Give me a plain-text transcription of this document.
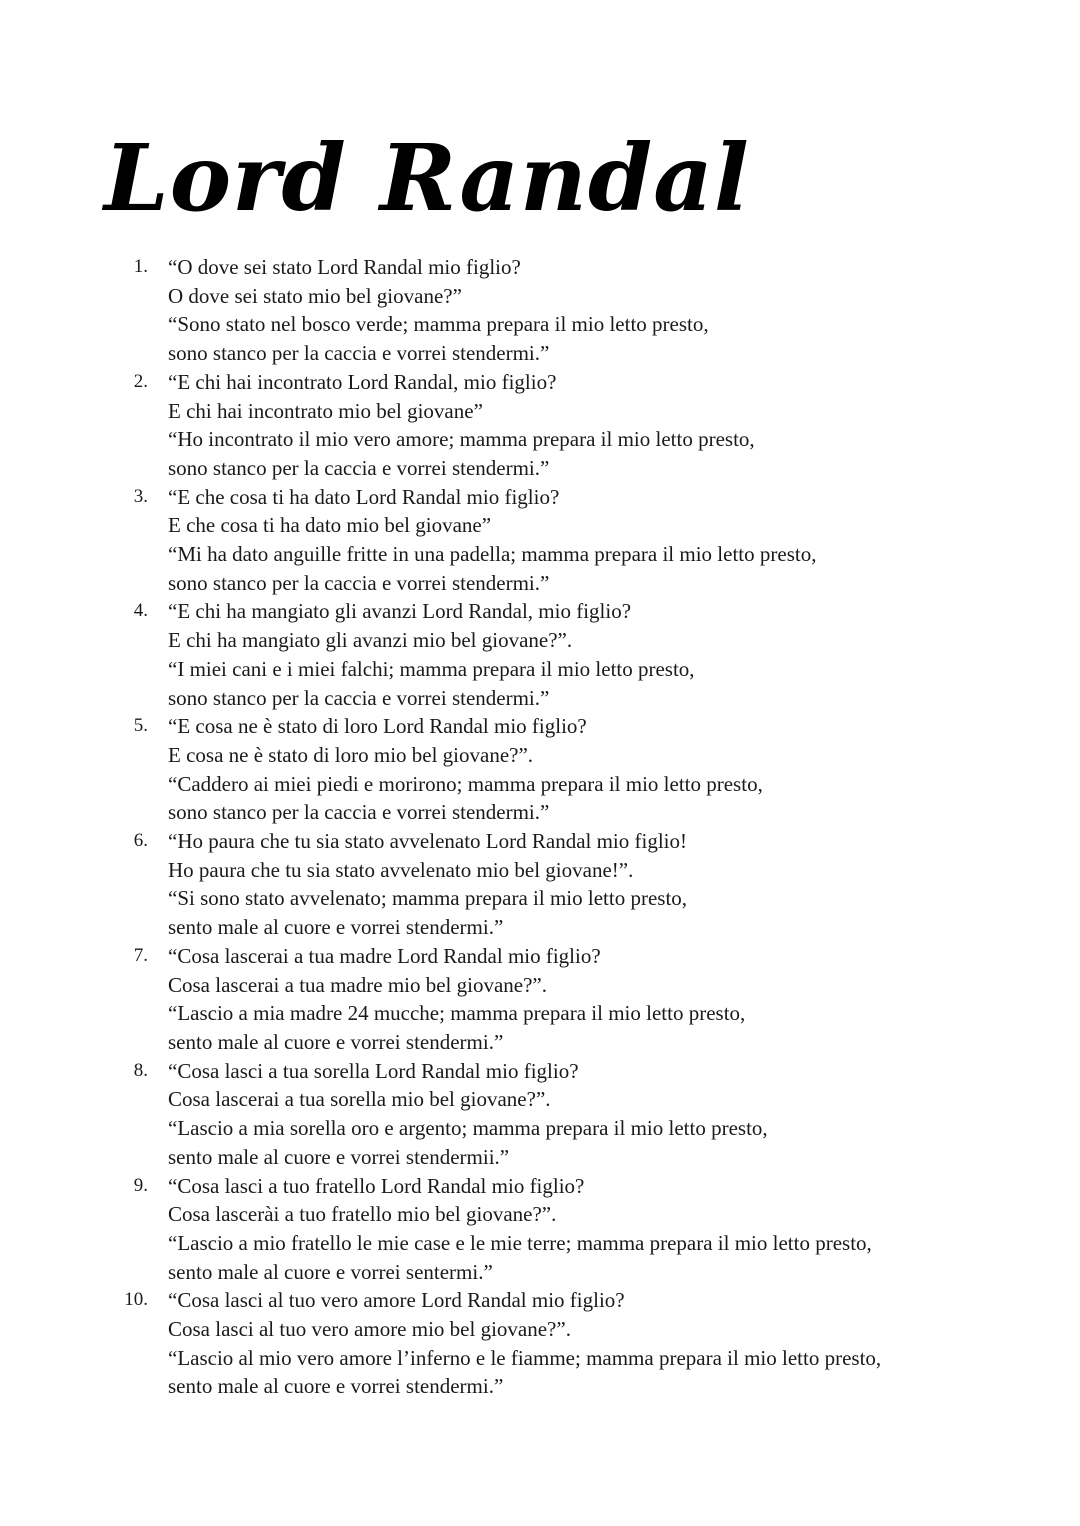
Lord Randal
1. “O dove sei stato Lord Randal mio figlio?
O dove sei stato mio bel giovane?”
“Sono stato nel bosco verde; mamma prepara il mio letto presto,
sono stanco per la caccia e vorrei stendermi.”
2. “E chi hai incontrato Lord Randal, mio figlio?
E chi hai incontrato mio bel giovane”
“Ho incontrato il mio vero amore; mamma prepara il mio letto presto,
sono stanco per la caccia e vorrei stendermi.”
3. “E che cosa ti ha dato Lord Randal mio figlio?
E che cosa ti ha dato mio bel giovane”
“Mi ha dato anguille fritte in una padella; mamma prepara il mio letto presto,
sono stanco per la caccia e vorrei stendermi.”
4. “E chi ha mangiato gli avanzi Lord Randal, mio figlio?
E chi ha mangiato gli avanzi mio bel giovane?”.
“I miei cani e i miei falchi; mamma prepara il mio letto presto,
sono stanco per la caccia e vorrei stendermi.”
5. “E cosa ne è stato di loro Lord Randal mio figlio?
E cosa ne è stato di loro mio bel giovane?”.
“Caddero ai miei piedi e morirono; mamma prepara il mio letto presto,
sono stanco per la caccia e vorrei stendermi.”
6. “Ho paura che tu sia stato avvelenato Lord Randal mio figlio!
Ho paura che tu sia stato avvelenato mio bel giovane!”.
“Si sono stato avvelenato; mamma prepara il mio letto presto,
sento male al cuore e vorrei stendermi.”
7. “Cosa lascerai a tua madre Lord Randal mio figlio?
Cosa lascerai a tua madre mio bel giovane?”.
“Lascio a mia madre 24 mucche; mamma prepara il mio letto presto,
sento male al cuore e vorrei stendermi.”
8. “Cosa lasci a tua sorella Lord Randal mio figlio?
Cosa lascerai a tua sorella mio bel giovane?”.
“Lascio a mia sorella oro e argento; mamma prepara il mio letto presto,
sento male al cuore e vorrei stendermii.”
9. “Cosa lasci a tuo fratello Lord Randal mio figlio?
Cosa lascerài a tuo fratello mio bel giovane?”.
“Lascio a mio fratello le mie case e le mie terre; mamma prepara il mio letto presto,
sento male al cuore e vorrei sentermi.”
10. “Cosa lasci al tuo vero amore Lord Randal mio figlio?
Cosa lasci al tuo vero amore mio bel giovane?”.
“Lascio al mio vero amore l’inferno e le fiamme; mamma prepara il mio letto presto,
sento male al cuore e vorrei stendermi.”
